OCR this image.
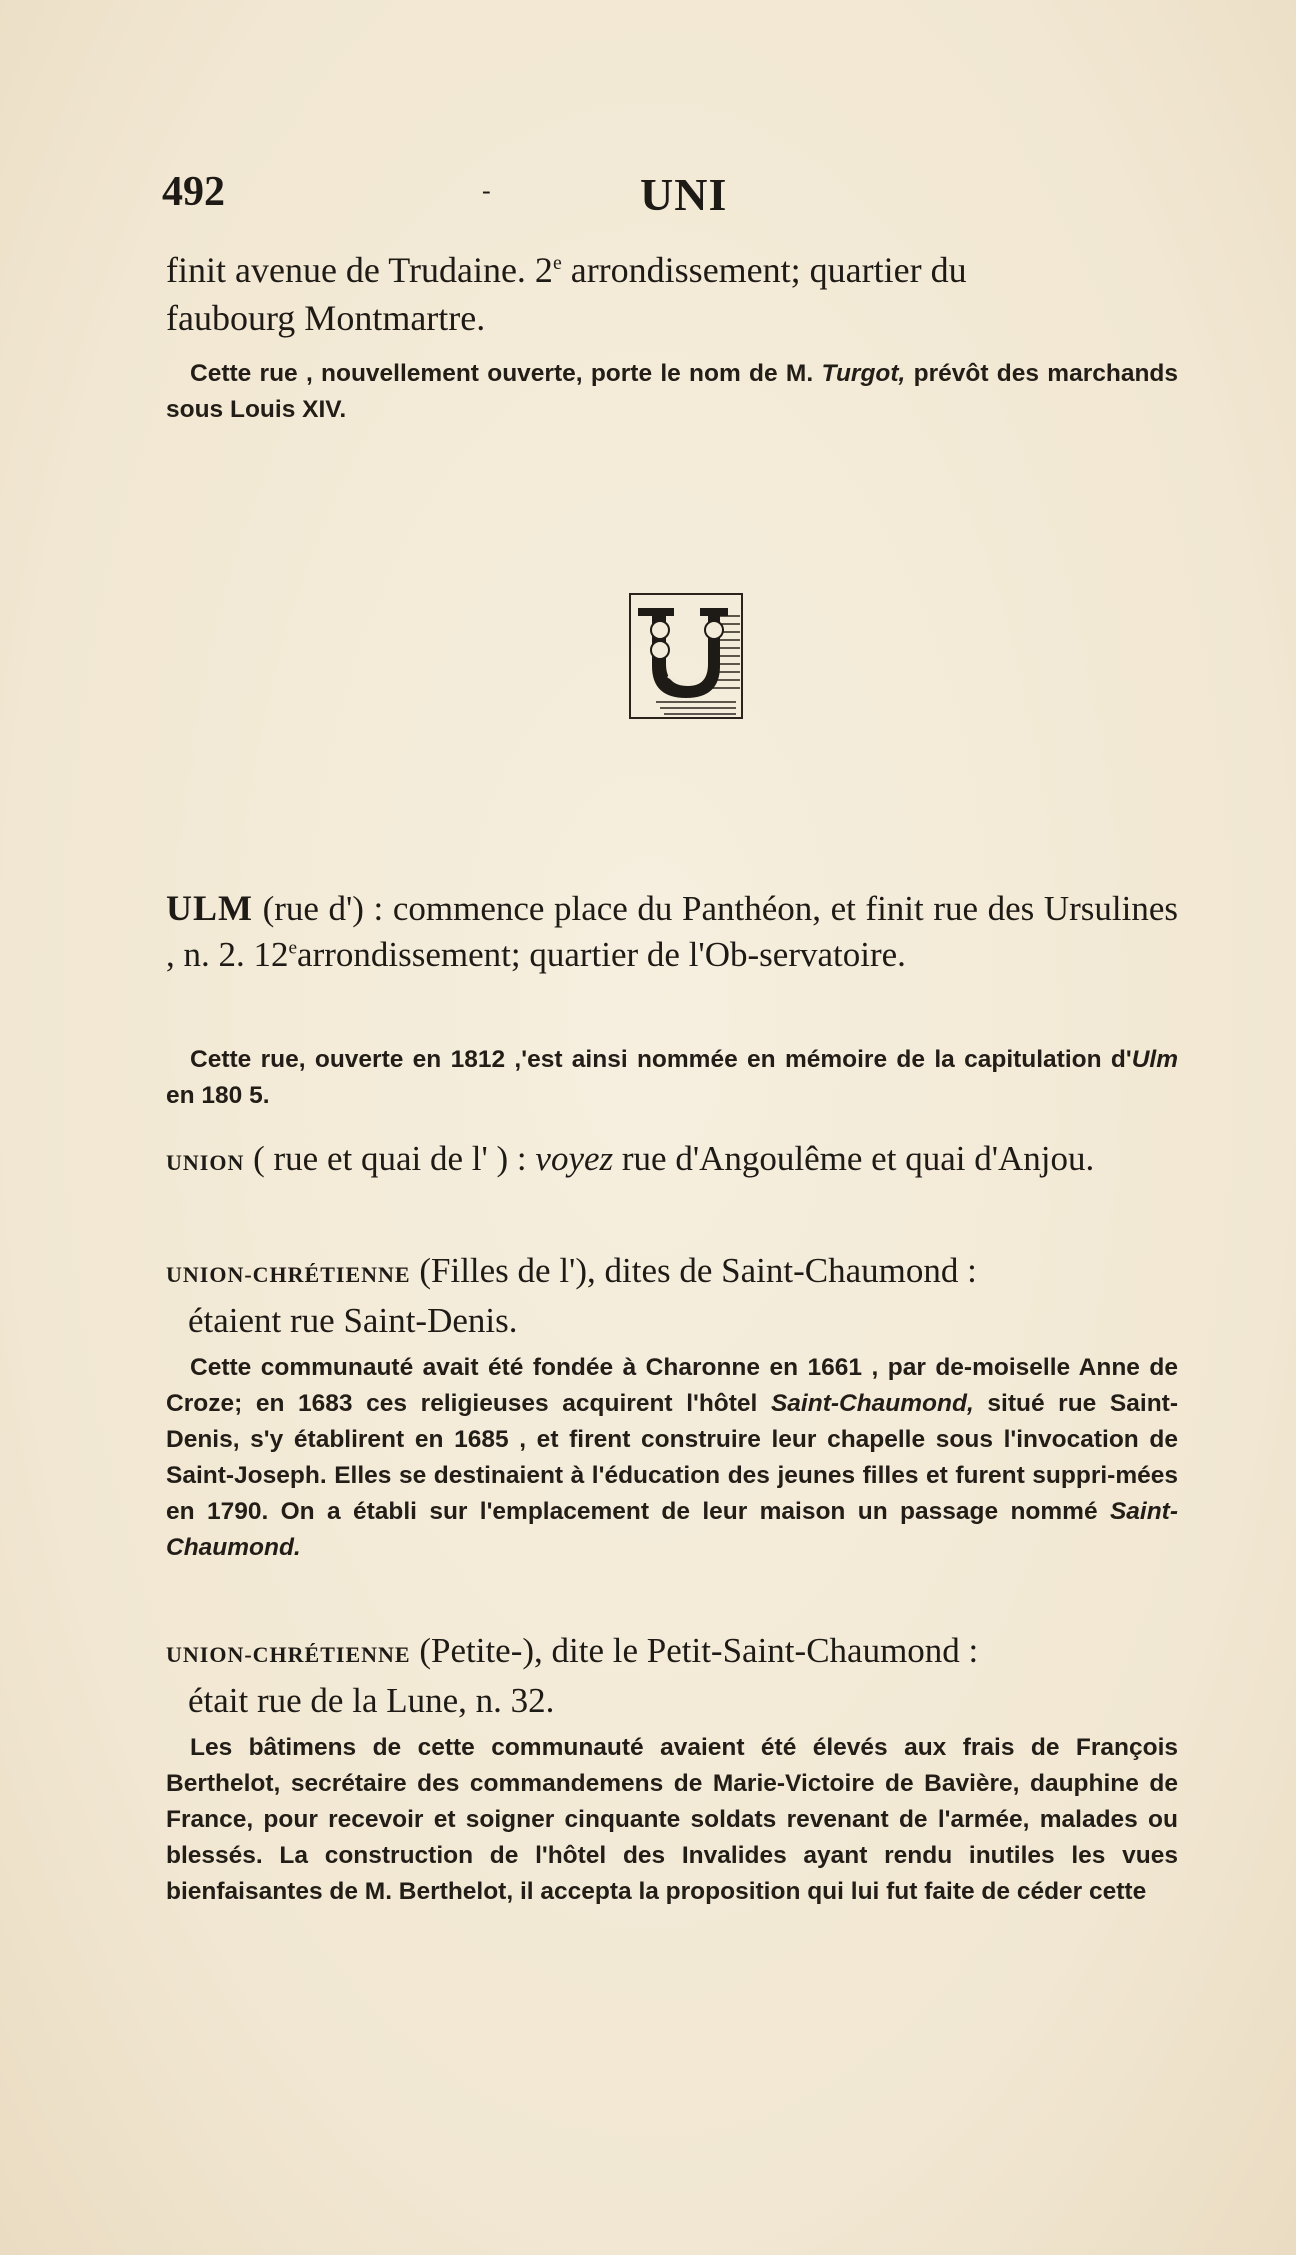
492	-	UNI
finit avenue de Trudaine. 2e arrondissement; quartier du
faubourg Montmartre.
Cette rue , nouvellement ouverte, porte le nom de M. Turgot, prévôt des marchands sous Louis XIV.
ULM (rue d') : commence place du Panthéon, et finit rue des Ursulines , n. 2. 12earrondissement; quartier de l'Ob-servatoire.
Cette rue, ouverte en 1812 ,'est ainsi nommée en mémoire de la capitulation d'Ulm en 180 5.
UNION ( rue et quai de l' ) : voyez rue d'Angoulême et quai d'Anjou.
UNION-CHRÉTIENNE (Filles de l'), dites de Saint-Chaumond :
étaient rue Saint-Denis.
Cette communauté avait été fondée à Charonne en 1661 , par de-moiselle Anne de Croze; en 1683 ces religieuses acquirent l'hôtel Saint-Chaumond, situé rue Saint-Denis, s'y établirent en 1685 , et firent construire leur chapelle sous l'invocation de Saint-Joseph. Elles se destinaient à l'éducation des jeunes filles et furent suppri-mées en 1790. On a établi sur l'emplacement de leur maison un passage nommé Saint-Chaumond.
UNION-CHRÉTIENNE (Petite-), dite le Petit-Saint-Chaumond :
était rue de la Lune, n. 32.
Les bâtimens de cette communauté avaient été élevés aux frais de François Berthelot, secrétaire des commandemens de Marie-Victoire de Bavière, dauphine de France, pour recevoir et soigner cinquante soldats revenant de l'armée, malades ou blessés. La construction de l'hôtel des Invalides ayant rendu inutiles les vues bienfaisantes de M. Berthelot, il accepta la proposition qui lui fut faite de céder cette
